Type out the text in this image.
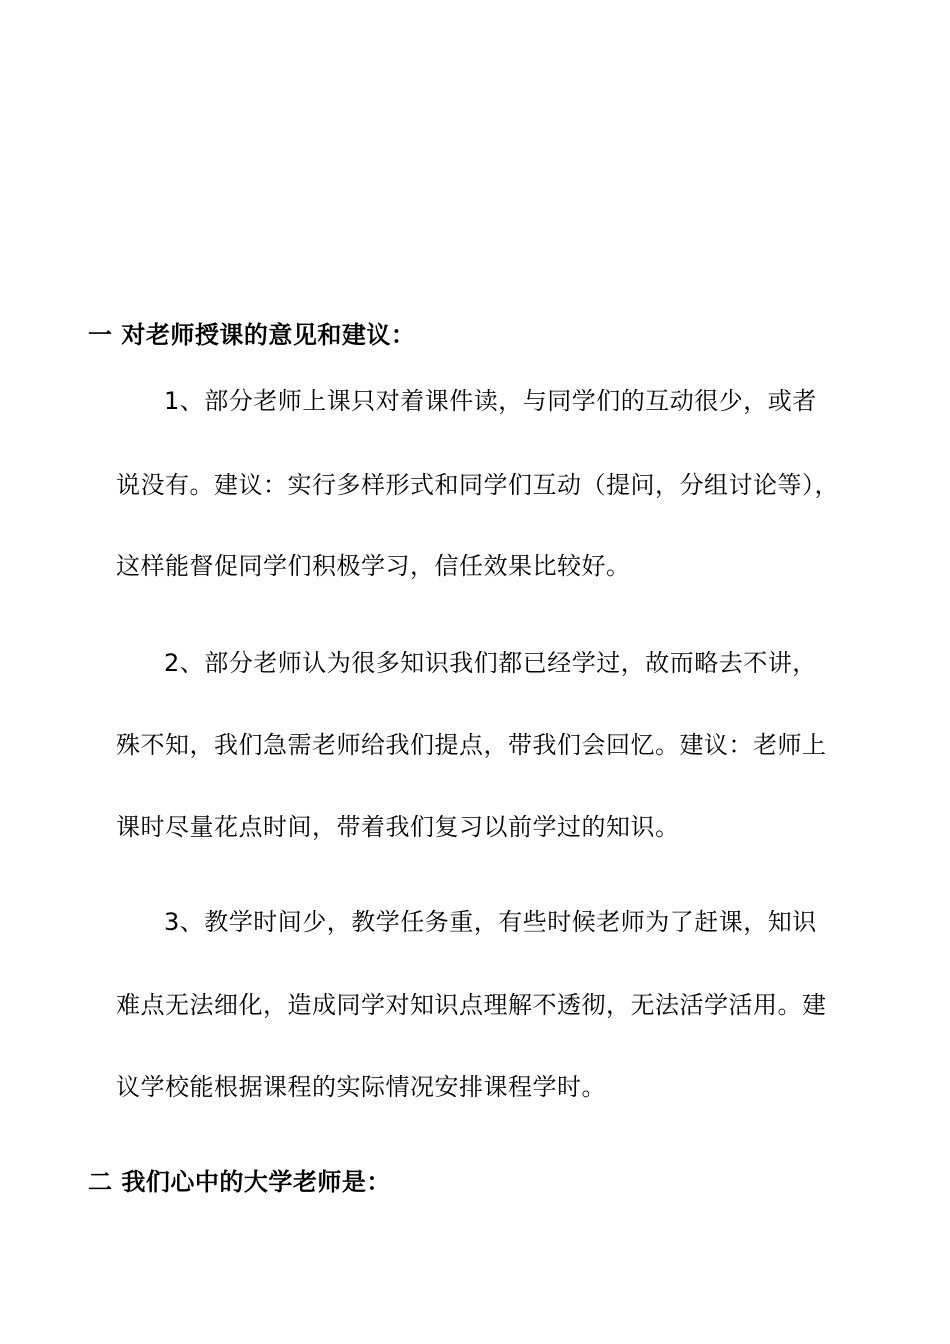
一 对老师授课的意见和建议：
1、部分老师上课只对着课件读，与同学们的互动很少，或者
说没有。建议：实行多样形式和同学们互动（提问，分组讨论等），
这样能督促同学们积极学习，信任效果比较好。
2、部分老师认为很多知识我们都已经学过，故而略去不讲，
殊不知，我们急需老师给我们提点，带我们会回忆。建议：老师上
课时尽量花点时间，带着我们复习以前学过的知识。
3、教学时间少，教学任务重，有些时候老师为了赶课，知识
难点无法细化，造成同学对知识点理解不透彻，无法活学活用。建
议学校能根据课程的实际情况安排课程学时。
二 我们心中的大学老师是：
